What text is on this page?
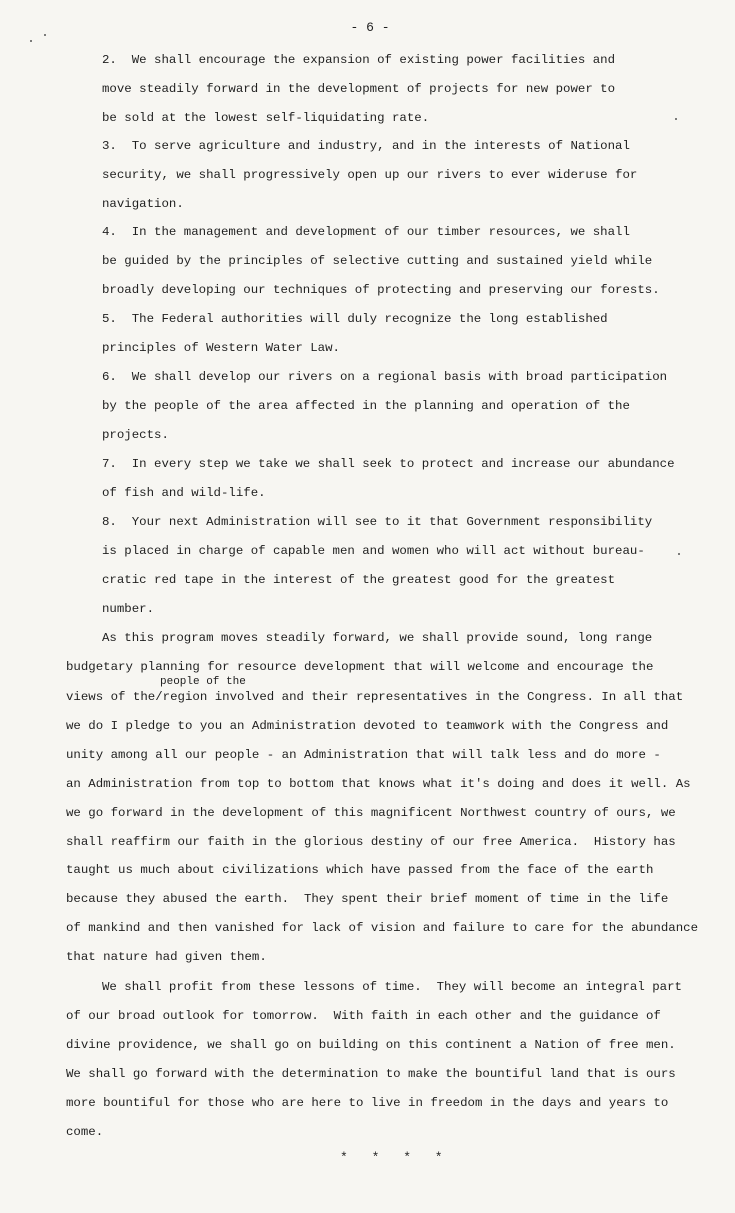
- 6 -
2.  We shall encourage the expansion of existing power facilities and
move steadily forward in the development of projects for new power to
be sold at the lowest self-liquidating rate.
3.  To serve agriculture and industry, and in the interests of National
security, we shall progressively open up our rivers to ever wideruse for
navigation.
4.  In the management and development of our timber resources, we shall
be guided by the principles of selective cutting and sustained yield while
broadly developing our techniques of protecting and preserving our forests.
5.  The Federal authorities will duly recognize the long established
principles of Western Water Law.
6.  We shall develop our rivers on a regional basis with broad participation
by the people of the area affected in the planning and operation of the
projects.
7.  In every step we take we shall seek to protect and increase our abundance
of fish and wild-life.
8.  Your next Administration will see to it that Government responsibility
is placed in charge of capable men and women who will act without bureau-
cratic red tape in the interest of the greatest good for the greatest
number.
As this program moves steadily forward, we shall provide sound, long range
budgetary planning for resource development that will welcome and encourage the
people of the
views of the/region involved and their representatives in the Congress. In all that
we do I pledge to you an Administration devoted to teamwork with the Congress and
unity among all our people - an Administration that will talk less and do more -
an Administration from top to bottom that knows what it's doing and does it well. As
we go forward in the development of this magnificent Northwest country of ours, we
shall reaffirm our faith in the glorious destiny of our free America.  History has
taught us much about civilizations which have passed from the face of the earth
because they abused the earth.  They spent their brief moment of time in the life
of mankind and then vanished for lack of vision and failure to care for the abundance
that nature had given them.
We shall profit from these lessons of time.  They will become an integral part
of our broad outlook for tomorrow.  With faith in each other and the guidance of
divine providence, we shall go on building on this continent a Nation of free men.
We shall go forward with the determination to make the bountiful land that is ours
more bountiful for those who are here to live in freedom in the days and years to
come.
* * * *
